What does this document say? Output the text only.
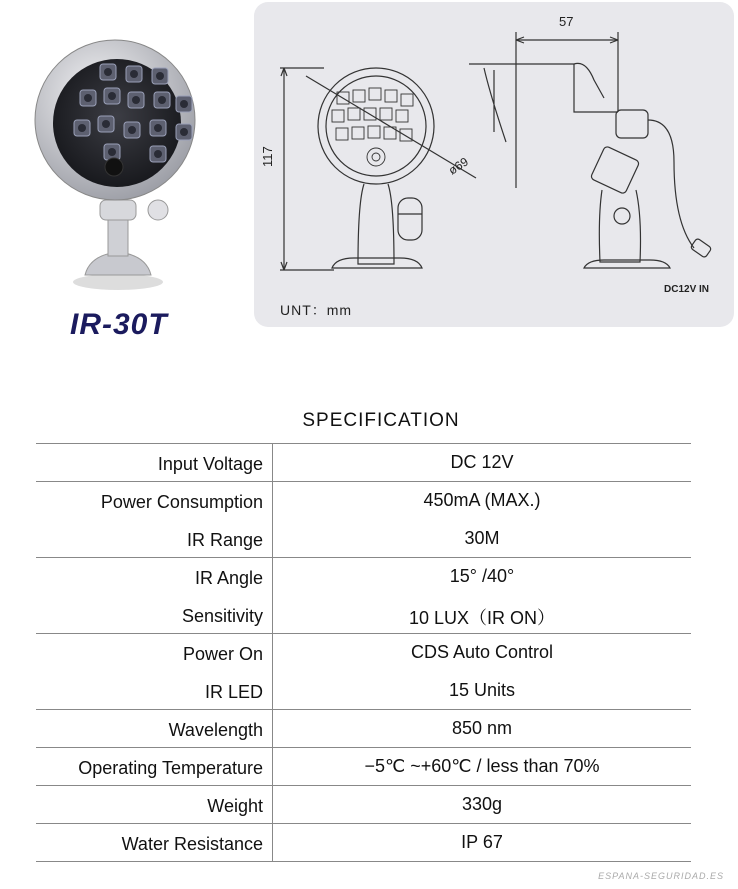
IR-30T
57
117	ø69
DC12V IN
UNT：mm
SPECIFICATION
Input Voltage	DC 12V
Power Consumption	450mA (MAX.)
IR Range	30M
IR Angle	15° /40°
Sensitivity	10 LUX（IR ON）
Power On	CDS Auto Control
IR LED	15 Units
Wavelength	850 nm
Operating Temperature	−5℃ ~+60℃ / less than 70%
Weight	330g
Water Resistance	IP 67
ESPANA-SEGURIDAD.ES
